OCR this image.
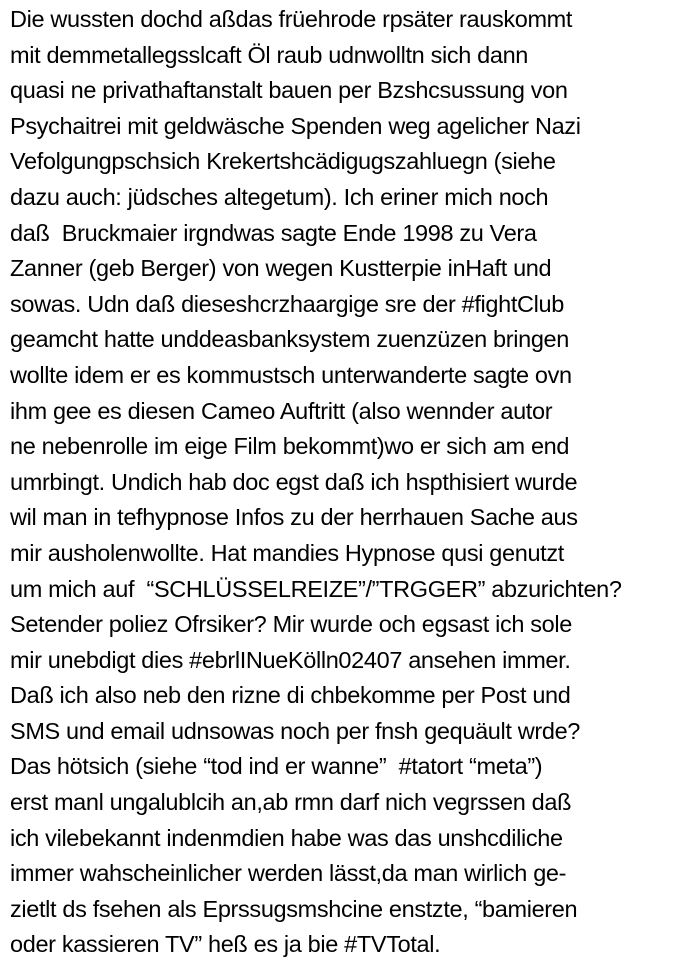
Die wussten dochd aßdas früehrode rpsäter rauskommt
mit demmetallegsslcaft Öl raub udnwolltn sich dann
quasi ne privathaftanstalt bauen per Bzshcsussung von
Psychaitrei mit geldwäsche Spenden weg agelicher Nazi
Vefolgungpschsich Krekertshcädigugszahluegn (siehe
dazu auch: jüdsches altegetum). Ich eriner mich noch
daß  Bruckmaier irgndwas sagte Ende 1998 zu Vera
Zanner (geb Berger) von wegen Kustterpie inHaft und
sowas. Udn daß dieseshcrzhaargige sre der #fightClub
geamcht hatte unddeasbanksystem zuenzüzen bringen
wollte idem er es kommustsch unterwanderte sagte ovn
ihm gee es diesen Cameo Auftritt (also wennder autor
ne nebenrolle im eige Film bekommt)wo er sich am end
umrbingt. Undich hab doc egst daß ich hspthisiert wurde
wil man in tefhypnose Infos zu der herrhauen Sache aus
mir ausholenwollte. Hat mandies Hypnose qusi genutzt
um mich auf  “SCHLÜSSELREIZE”/”TRGGER” abzurichten?
Setender poliez Ofrsiker? Mir wurde och egsast ich sole
mir unebdigt dies #ebrlINueKölln02407 ansehen immer.
Daß ich also neb den rizne di chbekomme per Post und
SMS und email udnsowas noch per fnsh gequäult wrde?
Das hötsich (siehe “tod ind er wanne”  #tatort “meta”)
erst manl ungalublcih an,ab rmn darf nich vegrssen daß
ich vilebekannt indenmdien habe was das unshcdiliche
immer wahscheinlicher werden lässt,da man wirlich ge-
zietlt ds fsehen als Eprssugsmshcine enstzte, “bamieren
oder kassieren TV” heß es ja bie #TVTotal.
